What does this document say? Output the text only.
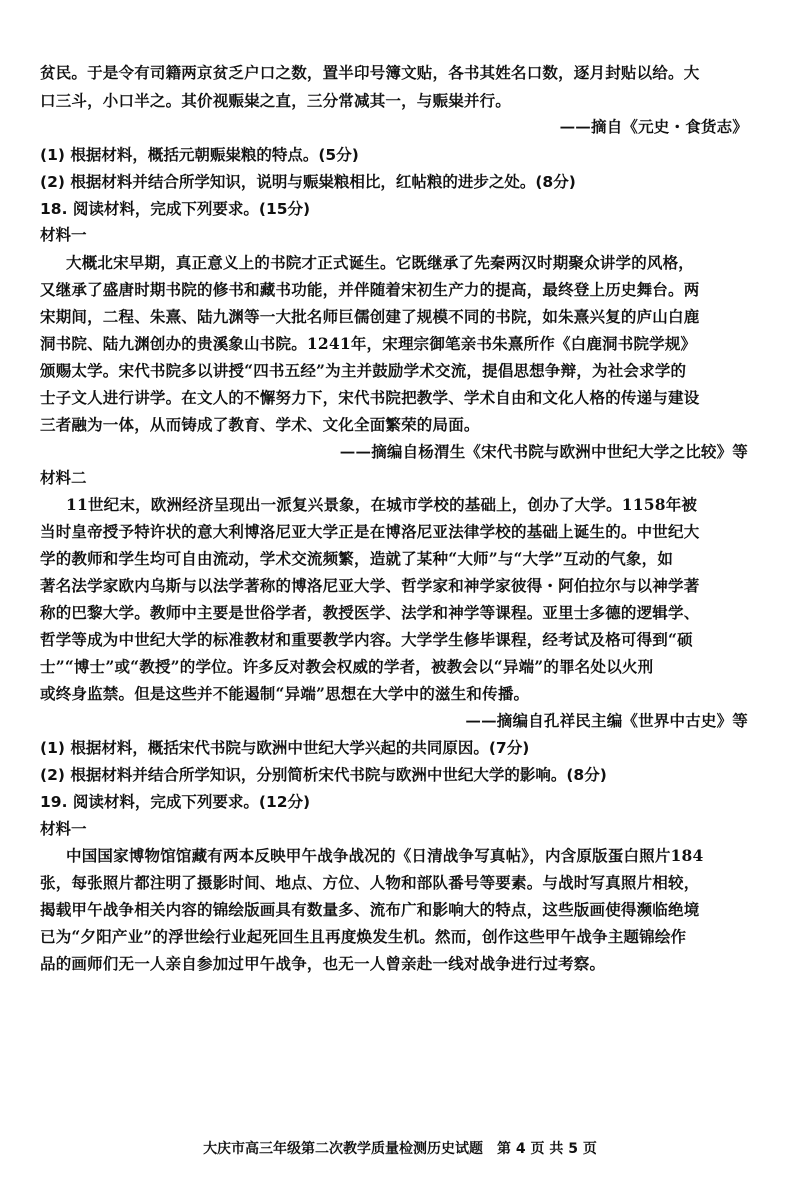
贫民。于是令有司籍两京贫乏户口之数，置半印号簿文贴，各书其姓名口数，逐月封贴以给。大
口三斗，小口半之。其价视赈粜之直，三分常减其一，与赈粜并行。
——摘自《元史・食货志》
(1) 根据材料，概括元朝赈粜粮的特点。(5分)
(2) 根据材料并结合所学知识，说明与赈粜粮相比，红帖粮的进步之处。(8分)
18. 阅读材料，完成下列要求。(15分)
材料一
大概北宋早期，真正意义上的书院才正式诞生。它既继承了先秦两汉时期聚众讲学的风格，
又继承了盛唐时期书院的修书和藏书功能，并伴随着宋初生产力的提高，最终登上历史舞台。两
宋期间，二程、朱熹、陆九渊等一大批名师巨儒创建了规模不同的书院，如朱熹兴复的庐山白鹿
洞书院、陆九渊创办的贵溪象山书院。1241年，宋理宗御笔亲书朱熹所作《白鹿洞书院学规》
颁赐太学。宋代书院多以讲授“四书五经”为主并鼓励学术交流，提倡思想争辩，为社会求学的
士子文人进行讲学。在文人的不懈努力下，宋代书院把教学、学术自由和文化人格的传递与建设
三者融为一体，从而铸成了教育、学术、文化全面繁荣的局面。
——摘编自杨渭生《宋代书院与欧洲中世纪大学之比较》等
材料二
11世纪末，欧洲经济呈现出一派复兴景象，在城市学校的基础上，创办了大学。1158年被
当时皇帝授予特许状的意大利博洛尼亚大学正是在博洛尼亚法律学校的基础上诞生的。中世纪大
学的教师和学生均可自由流动，学术交流频繁，造就了某种“大师”与“大学”互动的气象，如
著名法学家欧内乌斯与以法学著称的博洛尼亚大学、哲学家和神学家彼得・阿伯拉尔与以神学著
称的巴黎大学。教师中主要是世俗学者，教授医学、法学和神学等课程。亚里士多德的逻辑学、
哲学等成为中世纪大学的标准教材和重要教学内容。大学学生修毕课程，经考试及格可得到“硕
士”“博士”或“教授”的学位。许多反对教会权威的学者，被教会以“异端”的罪名处以火刑
或终身监禁。但是这些并不能遏制“异端”思想在大学中的滋生和传播。
——摘编自孔祥民主编《世界中古史》等
(1) 根据材料，概括宋代书院与欧洲中世纪大学兴起的共同原因。(7分)
(2) 根据材料并结合所学知识，分别简析宋代书院与欧洲中世纪大学的影响。(8分)
19. 阅读材料，完成下列要求。(12分)
材料一
中国国家博物馆馆藏有两本反映甲午战争战况的《日清战争写真帖》，内含原版蛋白照片184
张，每张照片都注明了摄影时间、地点、方位、人物和部队番号等要素。与战时写真照片相较，
揭载甲午战争相关内容的锦绘版画具有数量多、流布广和影响大的特点，这些版画使得濒临绝境
已为“夕阳产业”的浮世绘行业起死回生且再度焕发生机。然而，创作这些甲午战争主题锦绘作
品的画师们无一人亲自参加过甲午战争，也无一人曾亲赴一线对战争进行过考察。
大庆市高三年级第二次教学质量检测历史试题　第 4 页 共 5 页
